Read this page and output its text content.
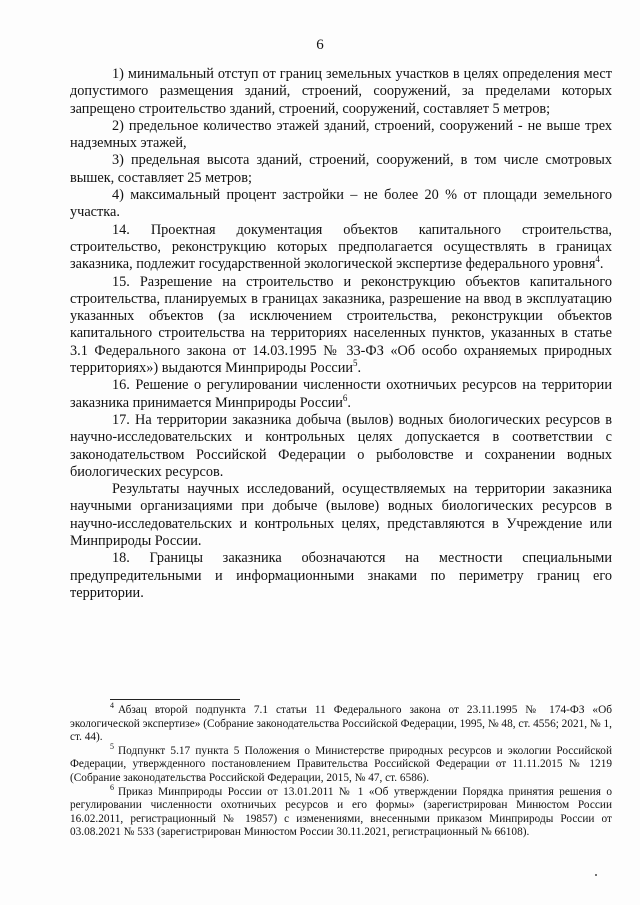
6

1) минимальный отступ от границ земельных участков в целях определения мест допустимого размещения зданий, строений, сооружений, за пределами которых запрещено строительство зданий, строений, сооружений, составляет 5 метров;

2) предельное количество этажей зданий, строений, сооружений - не выше трех надземных этажей,

3) предельная высота зданий, строений, сооружений, в том числе смотровых вышек, составляет 25 метров;

4) максимальный процент застройки – не более 20 % от площади земельного участка.

14. Проектная документация объектов капитального строительства, строительство, реконструкцию которых предполагается осуществлять в границах заказника, подлежит государственной экологической экспертизе федерального уровня$^4$.

15. Разрешение на строительство и реконструкцию объектов капитального строительства, планируемых в границах заказника, разрешение на ввод в эксплуатацию указанных объектов (за исключением строительства, реконструкции объектов капитального строительства на территориях населенных пунктов, указанных в статье 3.1 Федерального закона от 14.03.1995 № 33-ФЗ «Об особо охраняемых природных территориях») выдаются Минприроды России$^5$.

16. Решение о регулировании численности охотничьих ресурсов на территории заказника принимается Минприроды России$^6$.

17. На территории заказника добыча (вылов) водных биологических ресурсов в научно-исследовательских и контрольных целях допускается в соответствии с законодательством Российской Федерации о рыболовстве и сохранении водных биологических ресурсов.

Результаты научных исследований, осуществляемых на территории заказника научными организациями при добыче (вылове) водных биологических ресурсов в научно-исследовательских и контрольных целях, представляются в Учреждение или Минприроды России.

18. Границы заказника обозначаются на местности специальными предупредительными и информационными знаками по периметру границ его территории.

$^4$ Абзац второй подпункта 7.1 статьи 11 Федерального закона от 23.11.1995 № 174-ФЗ «Об экологической экспертизе» (Собрание законодательства Российской Федерации, 1995, № 48, ст. 4556; 2021, № 1, ст. 44).

$^5$ Подпункт 5.17 пункта 5 Положения о Министерстве природных ресурсов и экологии Российской Федерации, утвержденного постановлением Правительства Российской Федерации от 11.11.2015 № 1219 (Собрание законодательства Российской Федерации, 2015, № 47, ст. 6586).

$^6$ Приказ Минприроды России от 13.01.2011 № 1 «Об утверждении Порядка принятия решения о регулировании численности охотничьих ресурсов и его формы» (зарегистрирован Минюстом России 16.02.2011, регистрационный № 19857) с изменениями, внесенными приказом Минприроды России от 03.08.2021 № 533 (зарегистрирован Минюстом России 30.11.2021, регистрационный № 66108).
